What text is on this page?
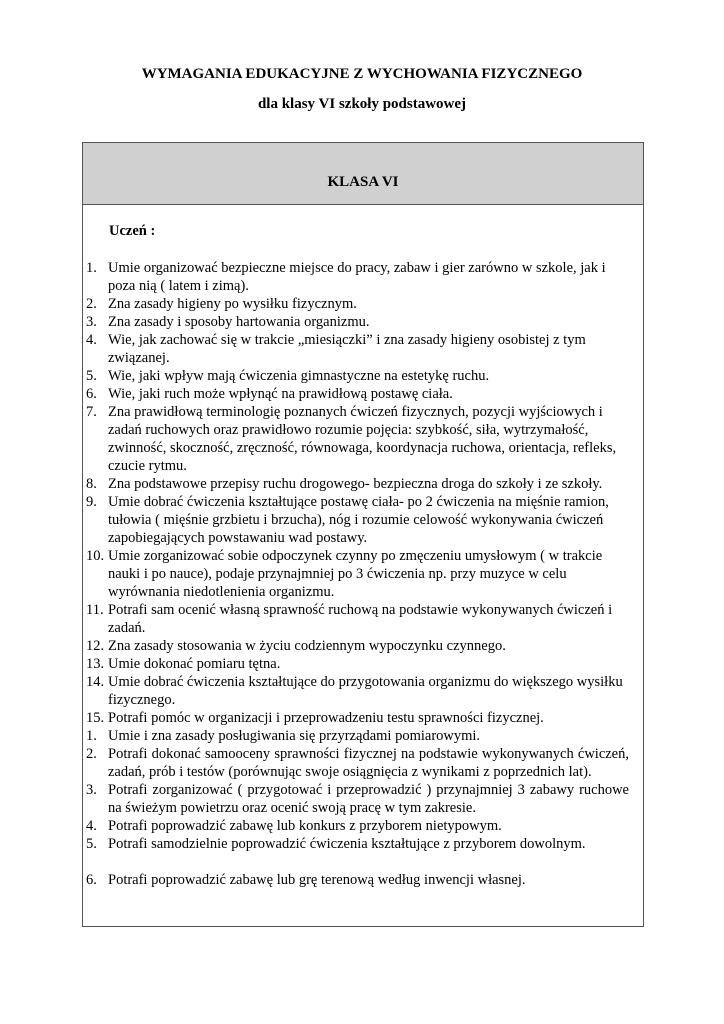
WYMAGANIA EDUKACYJNE Z WYCHOWANIA FIZYCZNEGO

dla klasy VI szkoły podstawowej

KLASA VI
Uczeń :
1. Umie organizować bezpieczne miejsce do pracy, zabaw i gier zarówno w szkole, jak i poza nią ( latem i zimą).
2. Zna zasady higieny po wysiłku fizycznym.
3. Zna zasady i sposoby hartowania organizmu.
4. Wie, jak zachować się w trakcie „miesiączki” i zna zasady higieny osobistej z tym związanej.
5. Wie, jaki wpływ mają ćwiczenia gimnastyczne na estetykę ruchu.
6. Wie, jaki ruch może wpłynąć na prawidłową postawę ciała.
7. Zna prawidłową terminologię poznanych ćwiczeń fizycznych, pozycji wyjściowych i zadań ruchowych oraz prawidłowo rozumie pojęcia: szybkość, siła, wytrzymałość, zwinność, skoczność, zręczność, równowaga, koordynacja ruchowa, orientacja, refleks, czucie rytmu.
8. Zna podstawowe przepisy ruchu drogowego- bezpieczna droga do szkoły i ze szkoły.
9. Umie dobrać ćwiczenia kształtujące postawę ciała- po 2 ćwiczenia na mięśnie ramion, tułowia ( mięśnie grzbietu i brzucha), nóg i rozumie celowość wykonywania ćwiczeń zapobiegających powstawaniu wad postawy.
10. Umie zorganizować sobie odpoczynek czynny po zmęczeniu umysłowym ( w trakcie nauki i po nauce), podaje przynajmniej po 3 ćwiczenia np. przy muzyce w celu wyrównania niedotlenienia organizmu.
11. Potrafi sam ocenić własną sprawność ruchową na podstawie wykonywanych ćwiczeń i zadań.
12. Zna zasady stosowania w życiu codziennym wypoczynku czynnego.
13. Umie dokonać pomiaru tętna.
14. Umie dobrać ćwiczenia kształtujące do przygotowania organizmu do większego wysiłku fizycznego.
15. Potrafi pomóc w organizacji i przeprowadzeniu testu sprawności fizycznej.
1. Umie i zna zasady posługiwania się przyrządami pomiarowymi.
2. Potrafi dokonać samooceny sprawności fizycznej na podstawie wykonywanych ćwiczeń, zadań, prób i testów (porównując swoje osiągnięcia z wynikami z poprzednich lat).
3. Potrafi zorganizować ( przygotować i przeprowadzić ) przynajmniej 3 zabawy ruchowe na świeżym powietrzu oraz ocenić swoją pracę w tym zakresie.
4. Potrafi poprowadzić zabawę lub konkurs z przyborem nietypowym.
5. Potrafi samodzielnie poprowadzić ćwiczenia kształtujące z przyborem dowolnym.
6. Potrafi poprowadzić zabawę lub grę terenową według inwencji własnej.
